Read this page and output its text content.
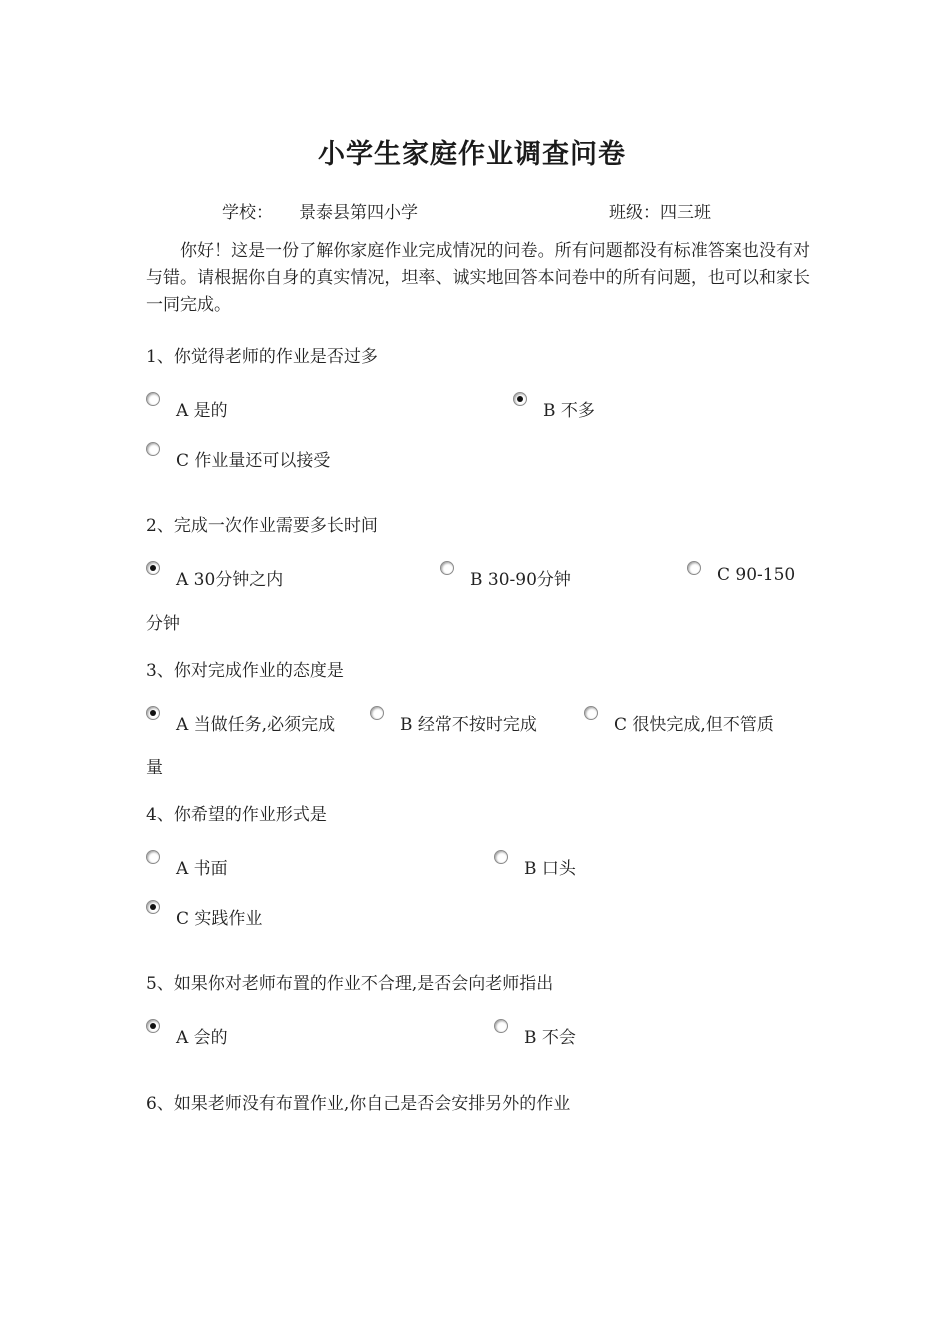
小学生家庭作业调查问卷
学校： 景泰县第四小学	班级：四三班
你好！这是一份了解你家庭作业完成情况的问卷。所有问题都没有标准答案也没有对与错。请根据你自身的真实情况，坦率、诚实地回答本问卷中的所有问题，也可以和家长一同完成。
1、你觉得老师的作业是否过多
A 是的	B 不多
C 作业量还可以接受
2、完成一次作业需要多长时间
A 30分钟之内	B 30-90分钟	C 90-150
分钟
3、你对完成作业的态度是
A 当做任务,必须完成	B 经常不按时完成	C 很快完成,但不管质
量
4、你希望的作业形式是
A 书面	B 口头
C 实践作业
5、如果你对老师布置的作业不合理,是否会向老师指出
A 会的	B 不会
6、如果老师没有布置作业,你自己是否会安排另外的作业
